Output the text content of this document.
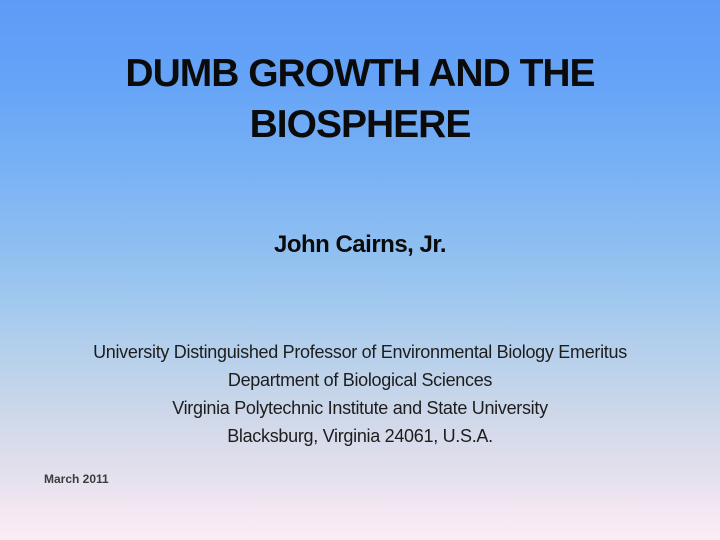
DUMB GROWTH AND THE
BIOSPHERE
John Cairns, Jr.
University Distinguished Professor of Environmental Biology Emeritus
Department of Biological Sciences
Virginia Polytechnic Institute and State University
Blacksburg, Virginia 24061, U.S.A.
March 2011
